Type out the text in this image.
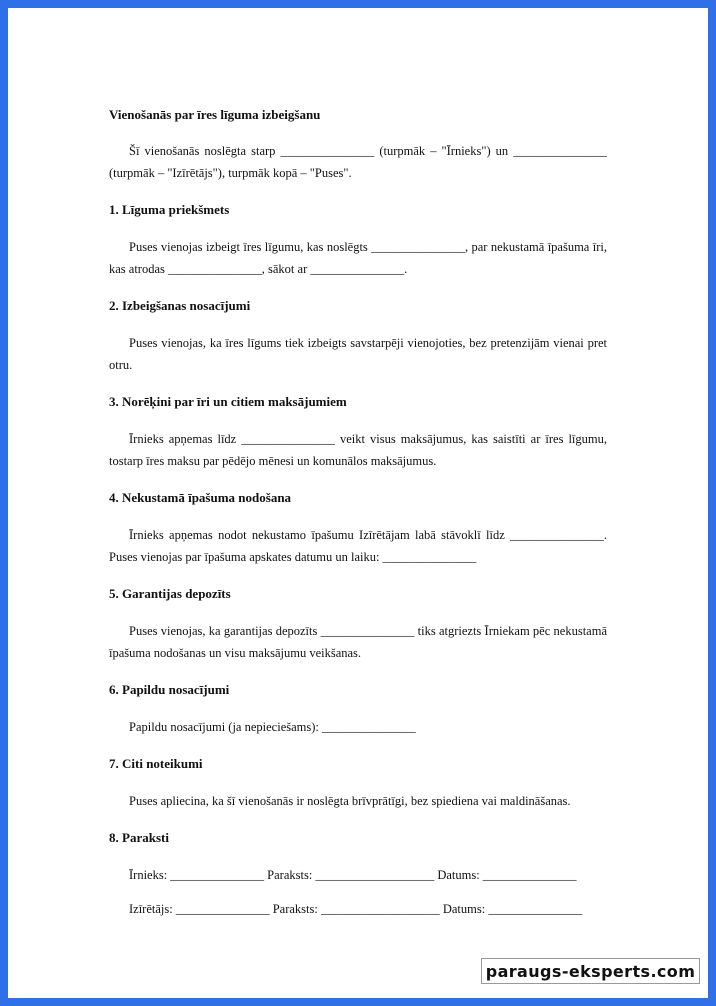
Vienošanās par īres līguma izbeigšanu

Šī vienošanās noslēgta starp _______________ (turpmāk – "Īrnieks") un _______________ (turpmāk – "Izīrētājs"), turpmāk kopā – "Puses".

1. Līguma priekšmets

Puses vienojas izbeigt īres līgumu, kas noslēgts _______________, par nekustamā īpašuma īri, kas atrodas _______________, sākot ar _______________.

2. Izbeigšanas nosacījumi

Puses vienojas, ka īres līgums tiek izbeigts savstarpēji vienojoties, bez pretenzijām vienai pret otru.

3. Norēķini par īri un citiem maksājumiem

Īrnieks apņemas līdz _______________ veikt visus maksājumus, kas saistīti ar īres līgumu, tostarp īres maksu par pēdējo mēnesi un komunālos maksājumus.

4. Nekustamā īpašuma nodošana

Īrnieks apņemas nodot nekustamo īpašumu Izīrētājam labā stāvoklī līdz _______________. Puses vienojas par īpašuma apskates datumu un laiku: _______________

5. Garantijas depozīts

Puses vienojas, ka garantijas depozīts _______________ tiks atgriezts Īrniekam pēc nekustamā īpašuma nodošanas un visu maksājumu veikšanas.

6. Papildu nosacījumi

Papildu nosacījumi (ja nepieciešams): _______________

7. Citi noteikumi

Puses apliecina, ka šī vienošanās ir noslēgta brīvprātīgi, bez spiediena vai maldināšanas.

8. Paraksti

Īrnieks: _______________ Paraksts: ___________________ Datums: _______________

Izīrētājs: _______________ Paraksts: ___________________ Datums: _______________

paraugs-eksperts.com
